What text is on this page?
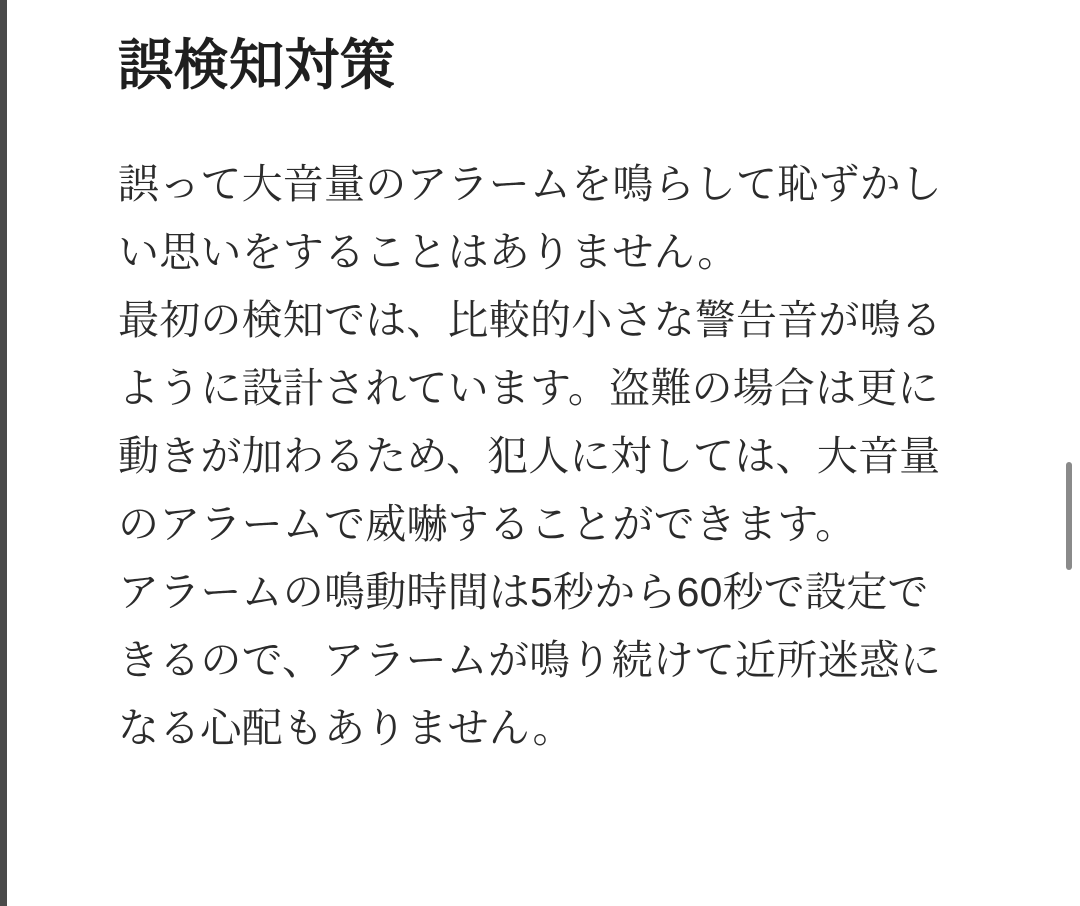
誤検知対策

誤って大音量のアラームを鳴らして恥ずかしい思いをすることはありません。

最初の検知では、比較的小さな警告音が鳴るように設計されています。盗難の場合は更に動きが加わるため、犯人に対しては、大音量のアラームで威嚇することができます。

アラームの鳴動時間は5秒から60秒で設定できるので、アラームが鳴り続けて近所迷惑になる心配もありません。
